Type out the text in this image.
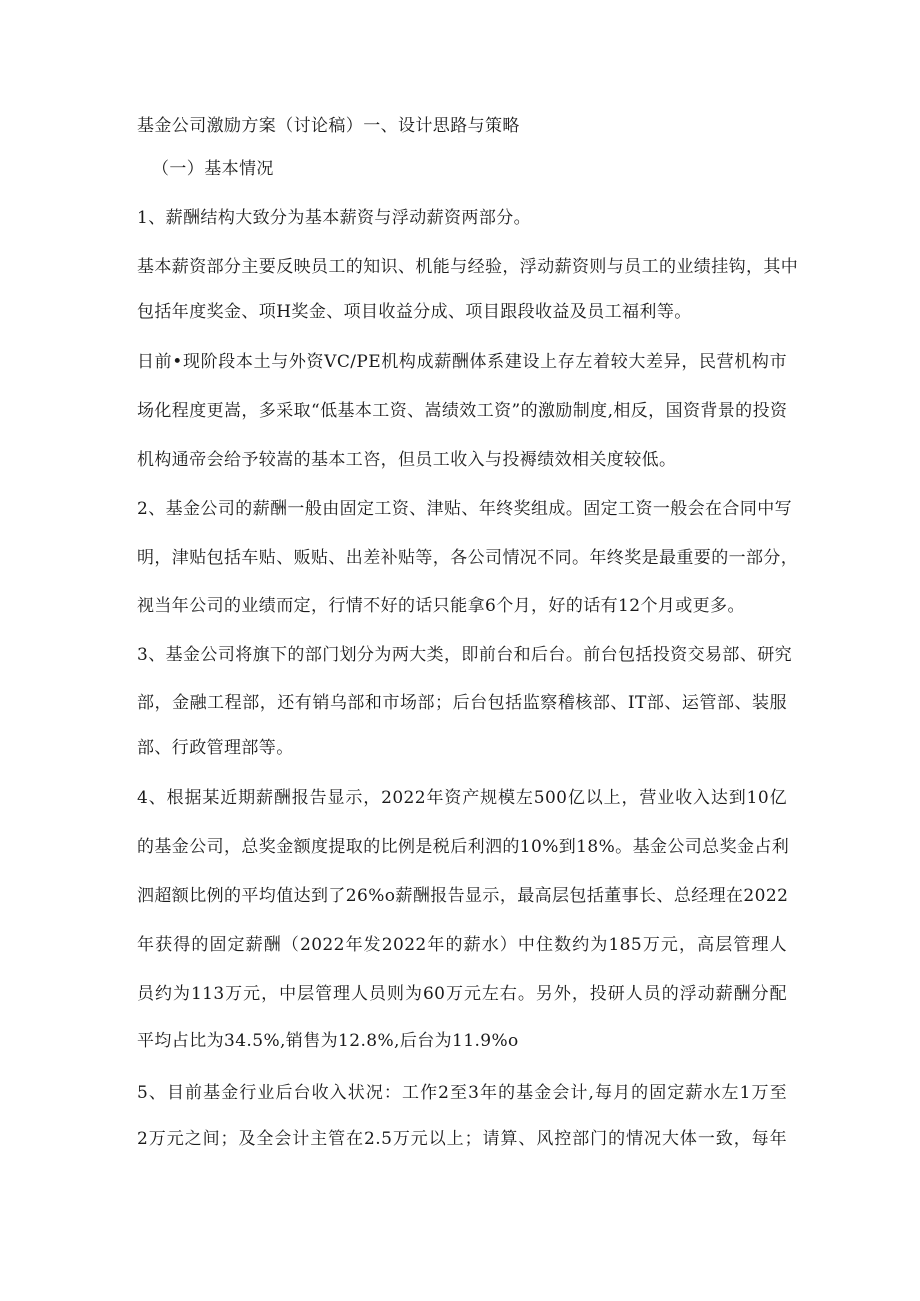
基金公司激励方案（讨论稿）一、设计思路与策略
（一）基本情况
1、薪酬结构大致分为基本薪资与浮动薪资两部分。
基本薪资部分主要反映员工的知识、机能与经验，浮动薪资则与员工的业绩挂钩，其中
包括年度奖金、项H奖金、项目收益分成、项目跟段收益及员工福利等。
日前•现阶段本土与外资VC/PE机构成薪酬体系建设上存左着较大差异，民营机构市
场化程度更嵩，多采取“低基本工资、嵩绩效工资”的激励制度,相反，国资背景的投资
机构通帝会给予较嵩的基本工咨，但员工收入与投褥绩效相关度较低。
2、基金公司的薪酬一般由固定工资、津贴、年终奖组成。固定工资一般会在合同中写
明，津贴包括车贴、贩贴、出差补贴等，各公司情况不同。年终奖是最重要的一部分，
视当年公司的业绩而定，行情不好的话只能拿6个月，好的话有12个月或更多。
3、基金公司将旗下的部门划分为两大类，即前台和后台。前台包括投资交易部、研究
部，金融工程部，还有销乌部和市场部；后台包括监察稽核部、IT部、运管部、装服
部、行政管理部等。
4、根据某近期薪酬报告显示，2022年资产规模左500亿以上，营业收入达到10亿
的基金公司，总奖金额度提取的比例是税后利泗的10%到18%。基金公司总奖金占利
泗超额比例的平均值达到了26%o薪酬报告显示，最高层包括董事长、总经理在2022
年获得的固定薪酬（2022年发2022年的薪水）中住数约为185万元，高层管理人
员约为113万元，中层管理人员则为60万元左右。另外，投研人员的浮动薪酬分配
平均占比为34.5%,销售为12.8%,后台为11.9%o
5、目前基金行业后台收入状况：工作2至3年的基金会计,每月的固定薪水左1万至
2万元之间；及全会计主管在2.5万元以上；请算、风控部门的情况大体一致，每年
